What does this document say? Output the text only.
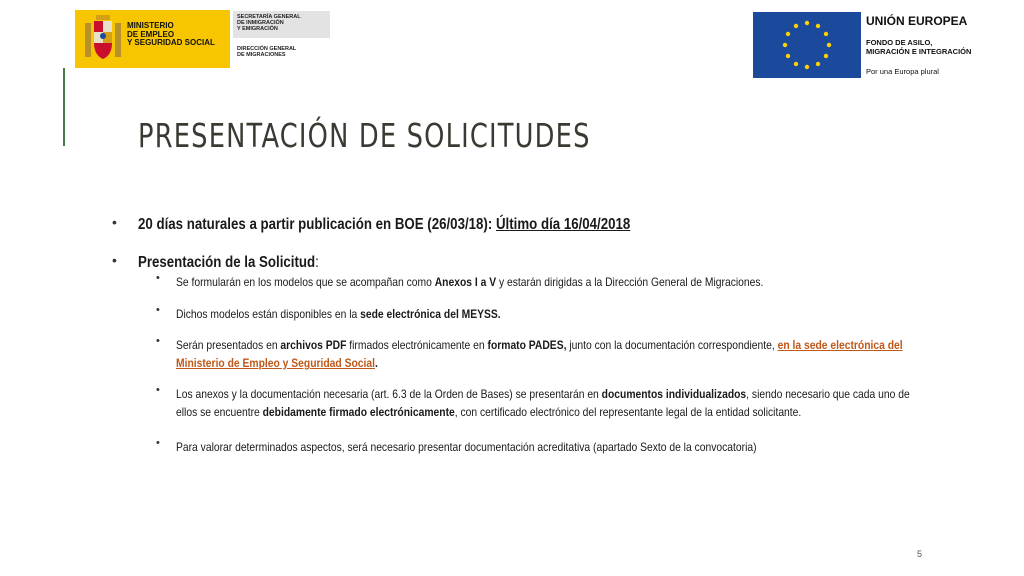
MINISTERIO
DE EMPLEO
Y SEGURIDAD SOCIAL
SECRETARÍA GENERAL
DE INMIGRACIÓN
Y EMIGRACIÓN
DIRECCIÓN GENERAL
DE MIGRACIONES
UNIÓN EUROPEA
FONDO DE ASILO,
MIGRACIÓN E INTEGRACIÓN
Por una Europa plural
PRESENTACIÓN DE SOLICITUDES
• 20 días naturales a partir publicación en BOE (26/03/18): Último día 16/04/2018
• Presentación de la Solicitud:
• Se formularán en los modelos que se acompañan como Anexos I a V y estarán dirigidas a la Dirección General de Migraciones.
• Dichos modelos están disponibles en la sede electrónica del MEYSS.
• Serán presentados en archivos PDF firmados electrónicamente en formato PADES, junto con la documentación correspondiente, en la sede electrónica del Ministerio de Empleo y Seguridad Social.
• Los anexos y la documentación necesaria (art. 6.3 de la Orden de Bases) se presentarán en documentos individualizados, siendo necesario que cada uno de ellos se encuentre debidamente firmado electrónicamente, con certificado electrónico del representante legal de la entidad solicitante.
• Para valorar determinados aspectos, será necesario presentar documentación acreditativa (apartado Sexto de la convocatoria)
5
